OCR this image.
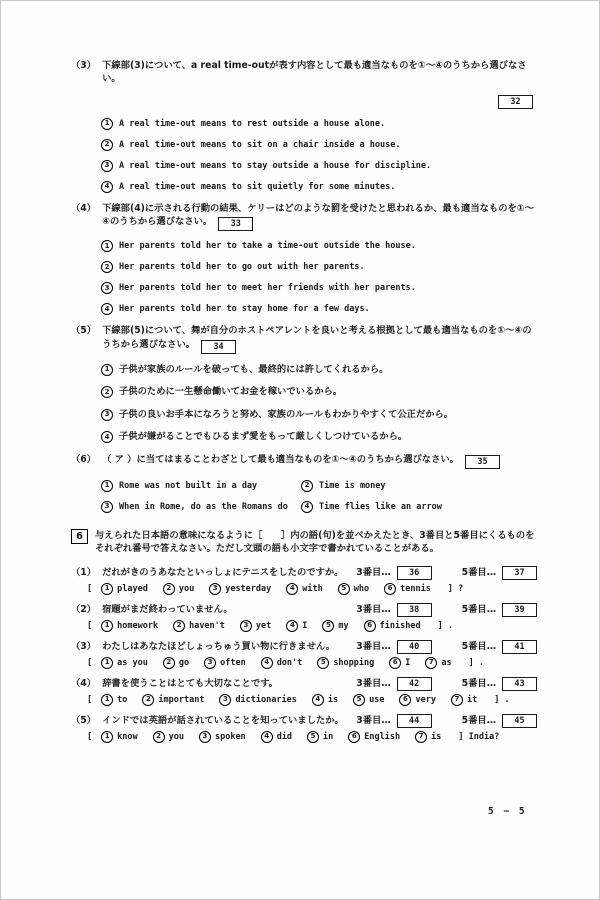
（3） 下線部(3)について、a real time-outが表す内容として最も適当なものを①～④のうちから選びなさい。
32
1	A real time-out means to rest outside a house alone.
2	A real time-out means to sit on a chair inside a house.
3	A real time-out means to stay outside a house for discipline.
4	A real time-out means to sit quietly for some minutes.
（4） 下線部(4)に示される行動の結果、ケリーはどのような罰を受けたと思われるか、最も適当なものを①～④のうちから選びなさい。 33
1	Her parents told her to take a time-out outside the house.
2	Her parents told her to go out with her parents.
3	Her parents told her to meet her friends with her parents.
4	Her parents told her to stay home for a few days.
（5） 下線部(5)について、舞が自分のホストペアレントを良いと考える根拠として最も適当なものを①～④のうちから選びなさい。 34
1	子供が家族のルールを破っても、最終的には許してくれるから。
2	子供のために一生懸命働いてお金を稼いでいるから。
3	子供の良いお手本になろうと努め、家族のルールもわかりやすくて公正だから。
4	子供が嫌がることでもひるまず愛をもって厳しくしつけているから。
（6） （ ア ）に当てはまることわざとして最も適当なものを①～④のうちから選びなさい。 35
1	Rome was not built in a day	2	Time is money
3	When in Rome, do as the Romans do	4	Time flies like an arrow
6	与えられた日本語の意味になるように［　　］内の語(句)を並べかえたとき、3番目と5番目にくるものをそれぞれ番号で答えなさい。ただし文頭の語も小文字で書かれていることがある。
（1） だれがきのうあなたといっしょにテニスをしたのですか。 3番目…	36	5番目…	37
[	1 played	2 you	3 yesterday	4 with	5 who	6 tennis ] ?
（2） 宿題がまだ終わっていません。	3番目…	38	5番目…	39
[	1 homework	2 haven't	3 yet	4 I	5 my	6 finished ] .
（3） わたしはあなたほどしょっちゅう買い物に行きません。 3番目…	40	5番目…	41
[	1 as you	2 go	3 often	4 don't	5 shopping	6 I	7 as ] .
（4） 辞書を使うことはとても大切なことです。	3番目…	42	5番目…	43
[	1 to	2 important	3 dictionaries	4 is	5 use	6 very	7 it ] .
（5） インドでは英語が話されていることを知っていましたか。 3番目…	44	5番目…	45
[	1 know	2 you	3 spoken	4 did	5 in	6 English	7 is ] India?
5 − 5
